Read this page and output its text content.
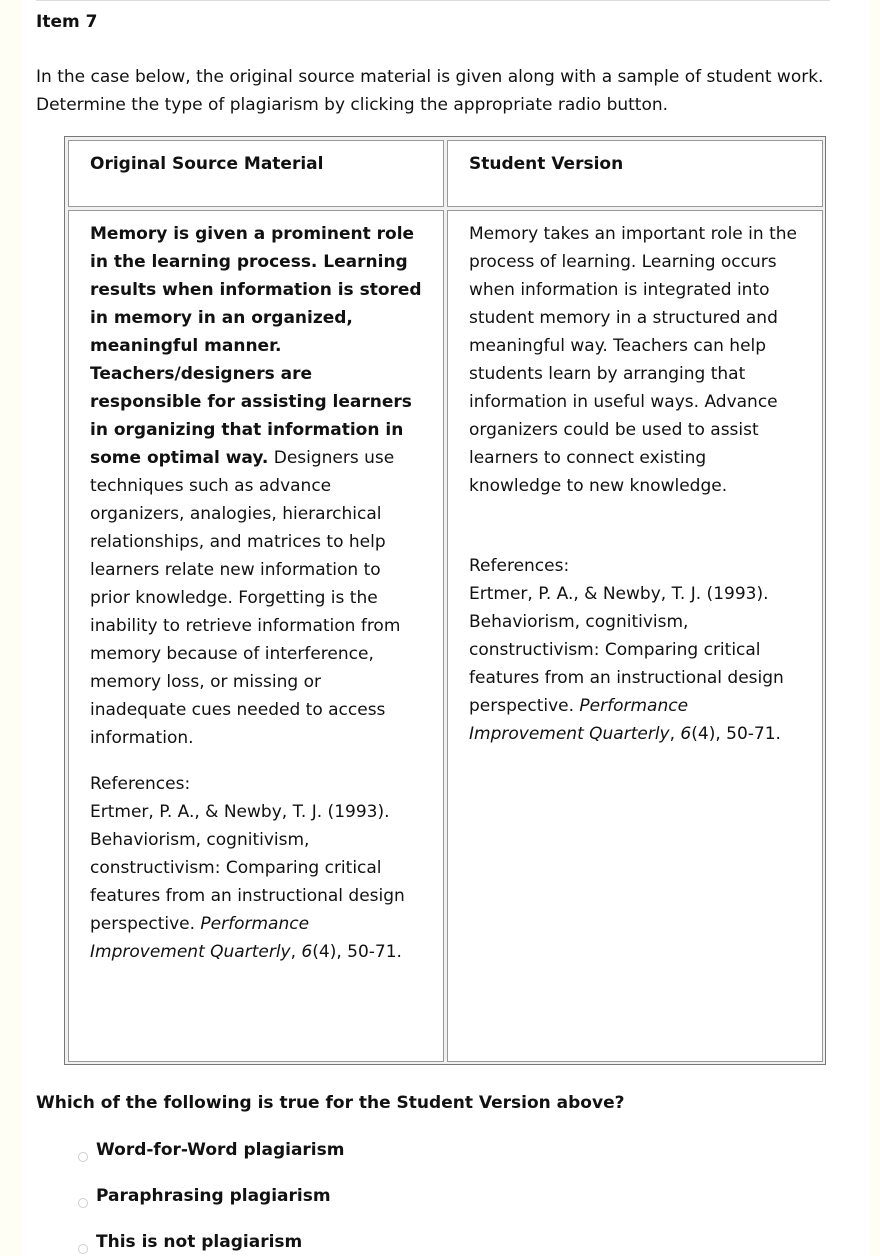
Item 7
In the case below, the original source material is given along with a sample of student work. Determine the type of plagiarism by clicking the appropriate radio button.
Original Source Material	Student Version

Memory is given a prominent role in the learning process. Learning results when information is stored in memory in an organized, meaningful manner. Teachers/designers are responsible for assisting learners in organizing that information in some optimal way. Designers use techniques such as advance organizers, analogies, hierarchical relationships, and matrices to help learners relate new information to prior knowledge. Forgetting is the inability to retrieve information from memory because of interference, memory loss, or missing or inadequate cues needed to access information.

References:

Ertmer, P. A., & Newby, T. J. (1993). Behaviorism, cognitivism, constructivism: Comparing critical features from an instructional design perspective. Performance Improvement Quarterly, 6(4), 50-71.

Memory takes an important role in the process of learning. Learning occurs when information is integrated into student memory in a structured and meaningful way. Teachers can help students learn by arranging that information in useful ways. Advance organizers could be used to assist learners to connect existing knowledge to new knowledge.

References:

Ertmer, P. A., & Newby, T. J. (1993). Behaviorism, cognitivism, constructivism: Comparing critical features from an instructional design perspective. Performance Improvement Quarterly, 6(4), 50-71.

Which of the following is true for the Student Version above?
Word-for-Word plagiarism
Paraphrasing plagiarism
This is not plagiarism
